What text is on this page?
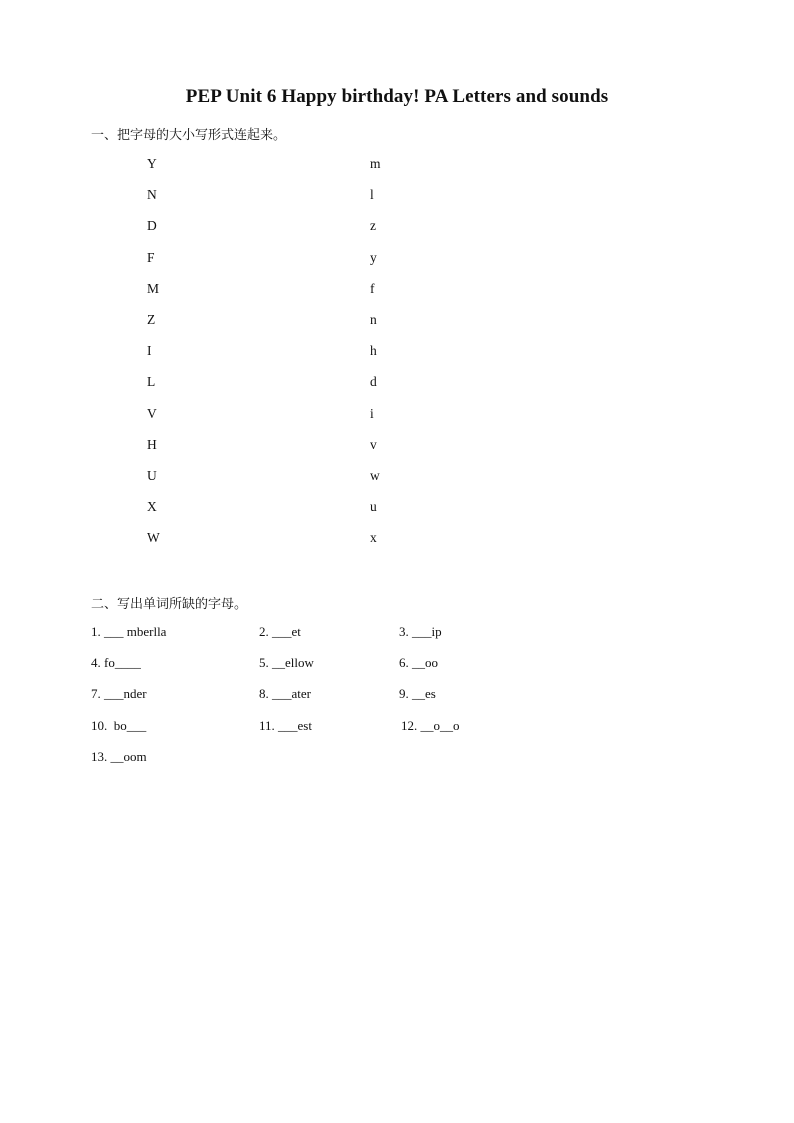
PEP Unit 6 Happy birthday! PA Letters and sounds
一、把字母的大小写形式连起来。
Y	m
N	l
D	z
F	y
M	f
Z	n
I	h
L	d
V	i
H	v
U	w
X	u
W	x
二、写出单词所缺的字母。
1. ___ mberlla	2. ___et	3. ___ip
4. fo____	5. __ellow	6. __oo
7. ___nder	8. ___ater	9. __es
10.  bo___	11. ___est	12. __o__o
13. __oom
